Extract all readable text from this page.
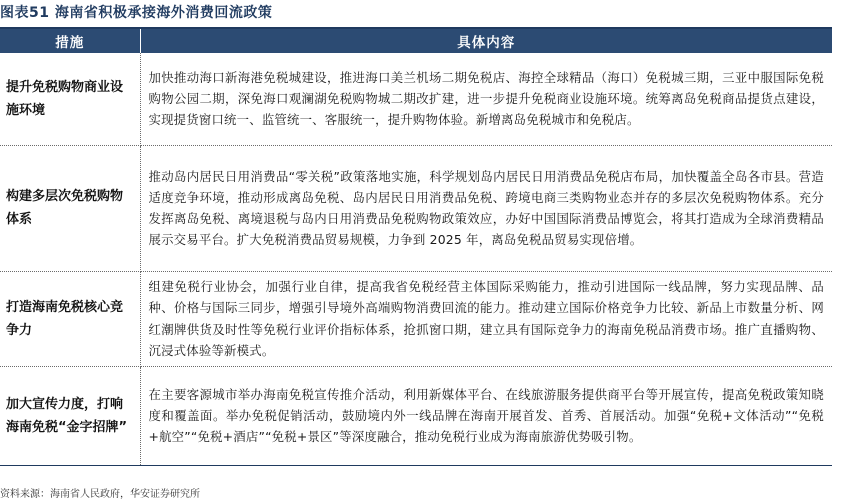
图表51 海南省积极承接海外消费回流政策
措施	具体内容
提升免税购物商业设施环境	加快推动海口新海港免税城建设，推进海口美兰机场二期免税店、海控全球精品（海口）免税城三期，三亚中服国际免税购物公园二期，深免海口观澜湖免税购物城二期改扩建，进一步提升免税商业设施环境。统筹离岛免税商品提货点建设，实现提货窗口统一、监管统一、客服统一，提升购物体验。新增离岛免税城市和免税店。
构建多层次免税购物体系	推动岛内居民日用消费品“零关税”政策落地实施，科学规划岛内居民日用消费品免税店布局，加快覆盖全岛各市县。营造适度竞争环境，推动形成离岛免税、岛内居民日用消费品免税、跨境电商三类购物业态并存的多层次免税购物体系。充分发挥离岛免税、离境退税与岛内日用消费品免税购物政策效应，办好中国国际消费品博览会，将其打造成为全球消费精品展示交易平台。扩大免税消费品贸易规模，力争到 2025 年，离岛免税品贸易实现倍增。
打造海南免税核心竞争力	组建免税行业协会，加强行业自律，提高我省免税经营主体国际采购能力，推动引进国际一线品牌，努力实现品牌、品种、价格与国际三同步，增强引导境外高端购物消费回流的能力。推动建立国际价格竞争力比较、新品上市数量分析、网红潮牌供货及时性等免税行业评价指标体系，抢抓窗口期，建立具有国际竞争力的海南免税品消费市场。推广直播购物、沉浸式体验等新模式。
加大宣传力度，打响海南免税“金字招牌”	在主要客源城市举办海南免税宣传推介活动，利用新媒体平台、在线旅游服务提供商平台等开展宣传，提高免税政策知晓度和覆盖面。举办免税促销活动，鼓励境内外一线品牌在海南开展首发、首秀、首展活动。加强“免税+文体活动”“免税+航空”“免税+酒店”“免税+景区”等深度融合，推动免税行业成为海南旅游优势吸引物。
资料来源：海南省人民政府，华安证券研究所
